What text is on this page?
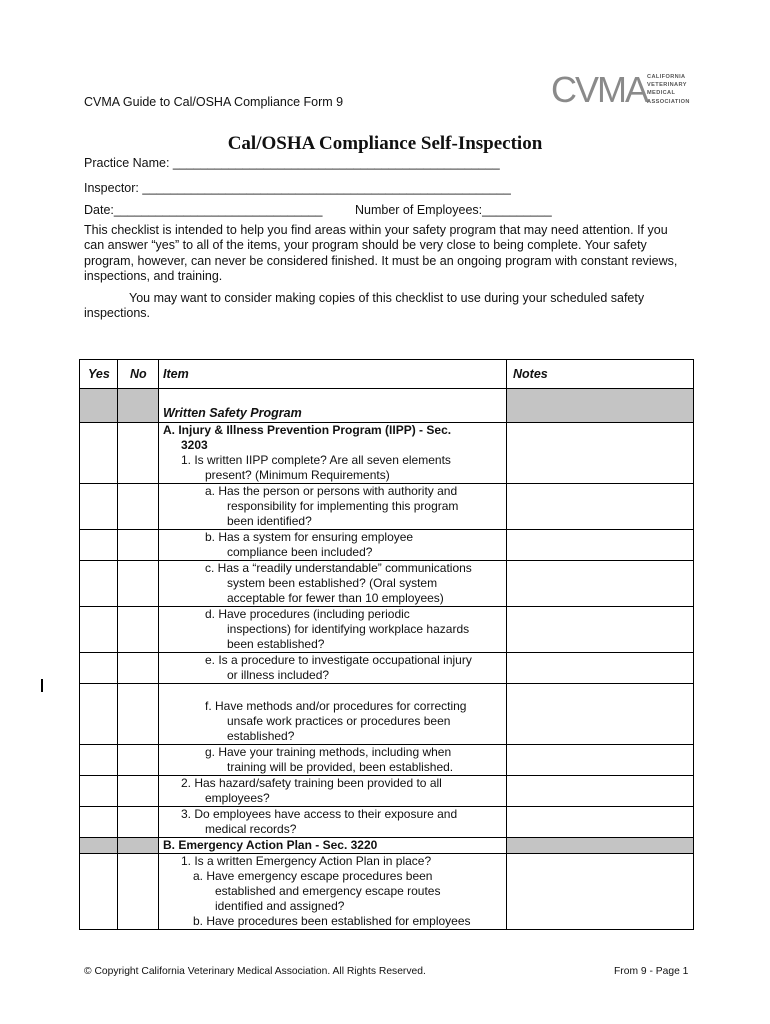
CVMA Guide to Cal/OSHA Compliance Form 9	CVMA CALIFORNIA
VETERINARY
MEDICAL
ASSOCIATION
Cal/OSHA Compliance Self-Inspection
Practice Name: _______________________________________________
Inspector: _____________________________________________________
Date:______________________________	Number of Employees:__________
This checklist is intended to help you find areas within your safety program that may need attention. If you can answer “yes” to all of the items, your program should be very close to being complete. Your safety program, however, can never be considered finished. It must be an ongoing program with constant reviews, inspections, and training.
You may want to consider making copies of this checklist to use during your scheduled safety inspections.
Yes	No	Item	Notes
		Written Safety Program	

		A. Injury & Illness Prevention Program (IIPP) - Sec.
3203
1. Is written IIPP complete? Are all seven elements
present? (Minimum Requirements)	

		a. Has the person or persons with authority and
responsibility for implementing this program
been identified?	

		b. Has a system for ensuring employee
compliance been included?	

		c. Has a “readily understandable” communications
system been established? (Oral system
acceptable for fewer than 10 employees)	

		d. Have procedures (including periodic
inspections) for identifying workplace hazards
been established?	

		e. Is a procedure to investigate occupational injury
or illness included?	

		f. Have methods and/or procedures for correcting
unsafe work practices or procedures been
established?	

		g. Have your training methods, including when
training will be provided, been established.	

		2. Has hazard/safety training been provided to all
employees?	

		3. Do employees have access to their exposure and
medical records?	

		B. Emergency Action Plan - Sec. 3220	

		1. Is a written Emergency Action Plan in place?
a. Have emergency escape procedures been
established and emergency escape routes
identified and assigned?
b. Have procedures been established for employees	

© Copyright California Veterinary Medical Association. All Rights Reserved.	From 9 - Page 1
